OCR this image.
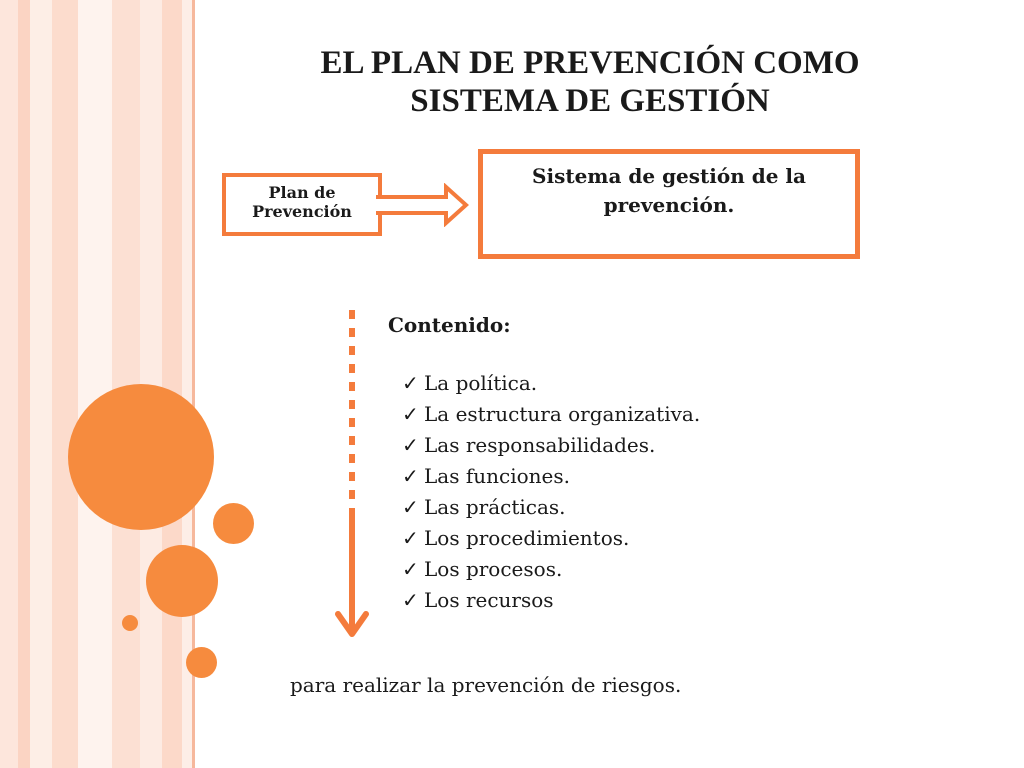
EL PLAN DE PREVENCIÓN COMO
SISTEMA DE GESTIÓN
Plan de
Prevención
Sistema de gestión de la
prevención.
Contenido:
✓ La política.
✓ La estructura organizativa.
✓ Las responsabilidades.
✓ Las funciones.
✓ Las prácticas.
✓ Los procedimientos.
✓ Los procesos.
✓ Los recursos
para realizar la prevención de riesgos.
